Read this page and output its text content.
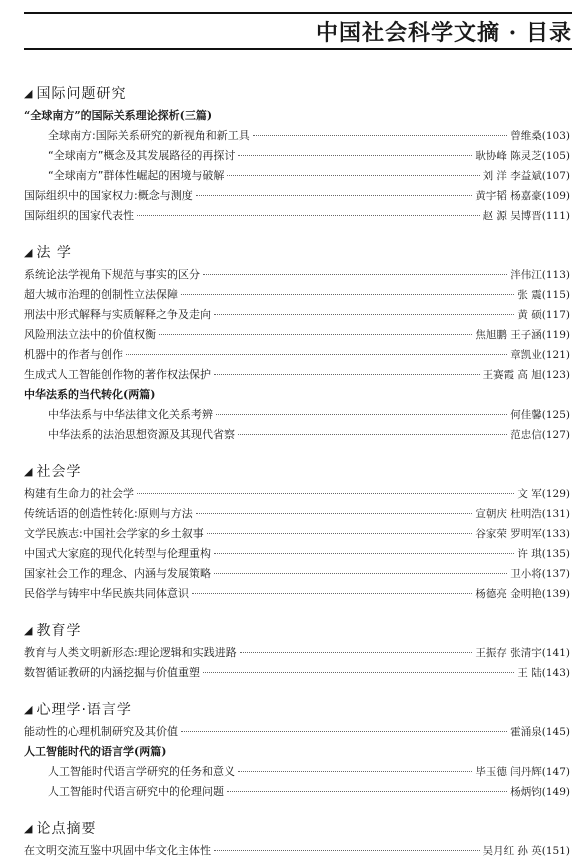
中国社会科学文摘 · 目录
◢ 国际问题研究
“全球南方”的国际关系理论探析(三篇)
全球南方:国际关系研究的新视角和新工具	曾维桑(103)
“全球南方”概念及其发展路径的再探讨	耿协峰 陈灵芝(105)
“全球南方”群体性崛起的困境与破解	刘 洋 李益斌(107)
国际组织中的国家权力:概念与测度	黄宇韬 杨嘉豪(109)
国际组织的国家代表性	赵 源 吴博晋(111)
◢ 法 学
系统论法学视角下规范与事实的区分	泮伟江(113)
超大城市治理的创制性立法保障	张 震(115)
刑法中形式解释与实质解释之争及走向	黄 硕(117)
风险刑法立法中的价值权衡	焦旭鹏 王子涵(119)
机器中的作者与创作	章凯业(121)
生成式人工智能创作物的著作权法保护	王赛霞 高 旭(123)
中华法系的当代转化(两篇)
中华法系与中华法律文化关系考辨	何佳馨(125)
中华法系的法治思想资源及其现代省察	范忠信(127)
◢ 社会学
构建有生命力的社会学	文 军(129)
传统话语的创造性转化:原则与方法	宣朝庆 杜明浩(131)
文学民族志:中国社会学家的乡土叙事	谷家荣 罗明军(133)
中国式大家庭的现代化转型与伦理重构	许 琪(135)
国家社会工作的理念、内涵与发展策略	卫小将(137)
民俗学与铸牢中华民族共同体意识	杨德亮 金明艳(139)
◢ 教育学
教育与人类文明新形态:理论逻辑和实践进路	王振存 张清宇(141)
数智循证教研的内涵挖掘与价值重塑	王 陆(143)
◢ 心理学·语言学
能动性的心理机制研究及其价值	霍涌泉(145)
人工智能时代的语言学(两篇)
人工智能时代语言学研究的任务和意义	毕玉德 闫丹辉(147)
人工智能时代语言研究中的伦理问题	杨炳钧(149)
◢ 论点摘要
在文明交流互鉴中巩固中华文化主体性	吴月红 孙 英(151)
